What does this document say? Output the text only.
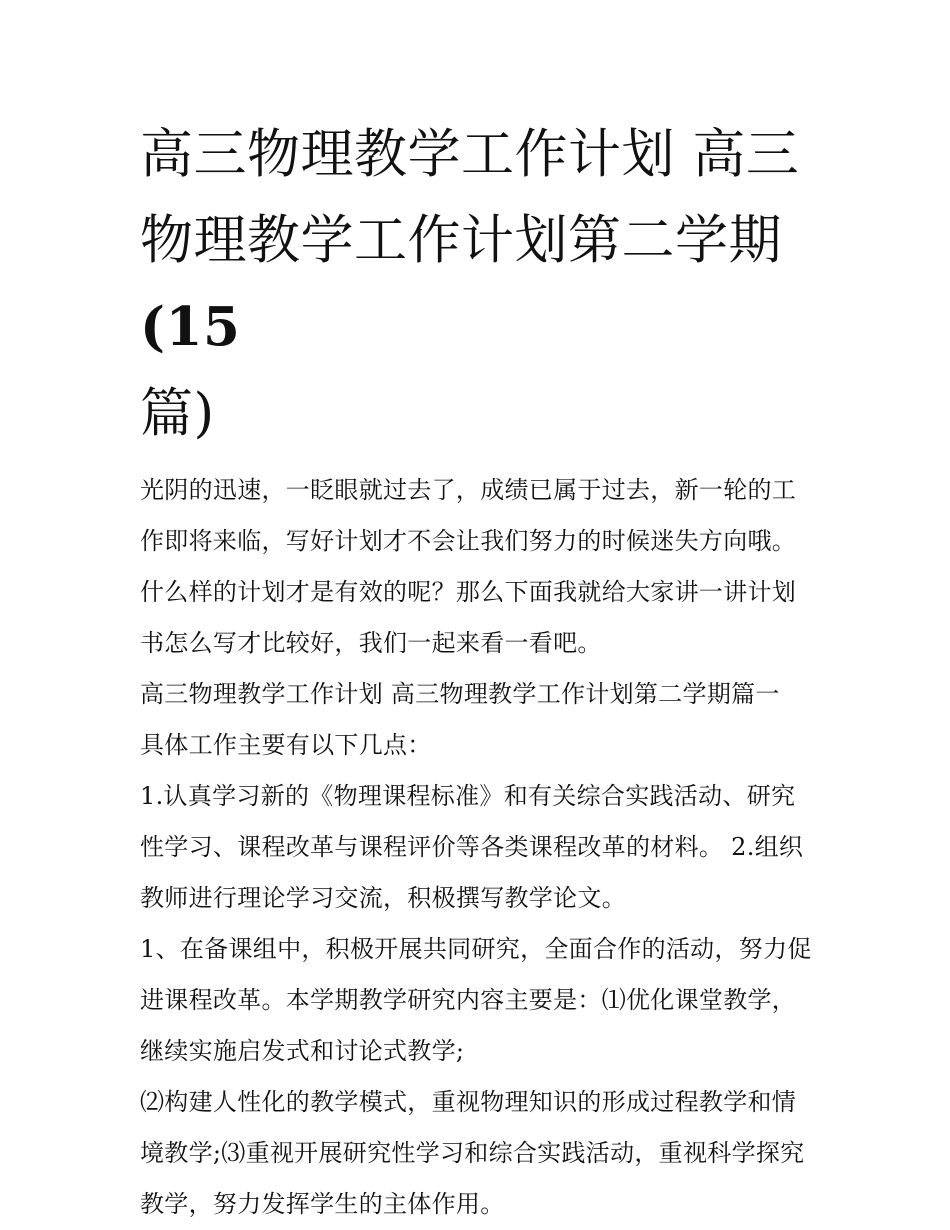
高三物理教学工作计划 高三物理教学工作计划第二学期(15
篇)

光阴的迅速，一眨眼就过去了，成绩已属于过去，新一轮的工作即将来临，写好计划才不会让我们努力的时候迷失方向哦。什么样的计划才是有效的呢？那么下面我就给大家讲一讲计划书怎么写才比较好，我们一起来看一看吧。

高三物理教学工作计划 高三物理教学工作计划第二学期篇一

具体工作主要有以下几点：

1.认真学习新的《物理课程标准》和有关综合实践活动、研究性学习、课程改革与课程评价等各类课程改革的材料。 2.组织教师进行理论学习交流，积极撰写教学论文。

1、在备课组中，积极开展共同研究，全面合作的活动，努力促进课程改革。本学期教学研究内容主要是：⑴优化课堂教学，继续实施启发式和讨论式教学;

⑵构建人性化的教学模式，重视物理知识的形成过程教学和情境教学;⑶重视开展研究性学习和综合实践活动，重视科学探究教学，努力发挥学生的主体作用。
